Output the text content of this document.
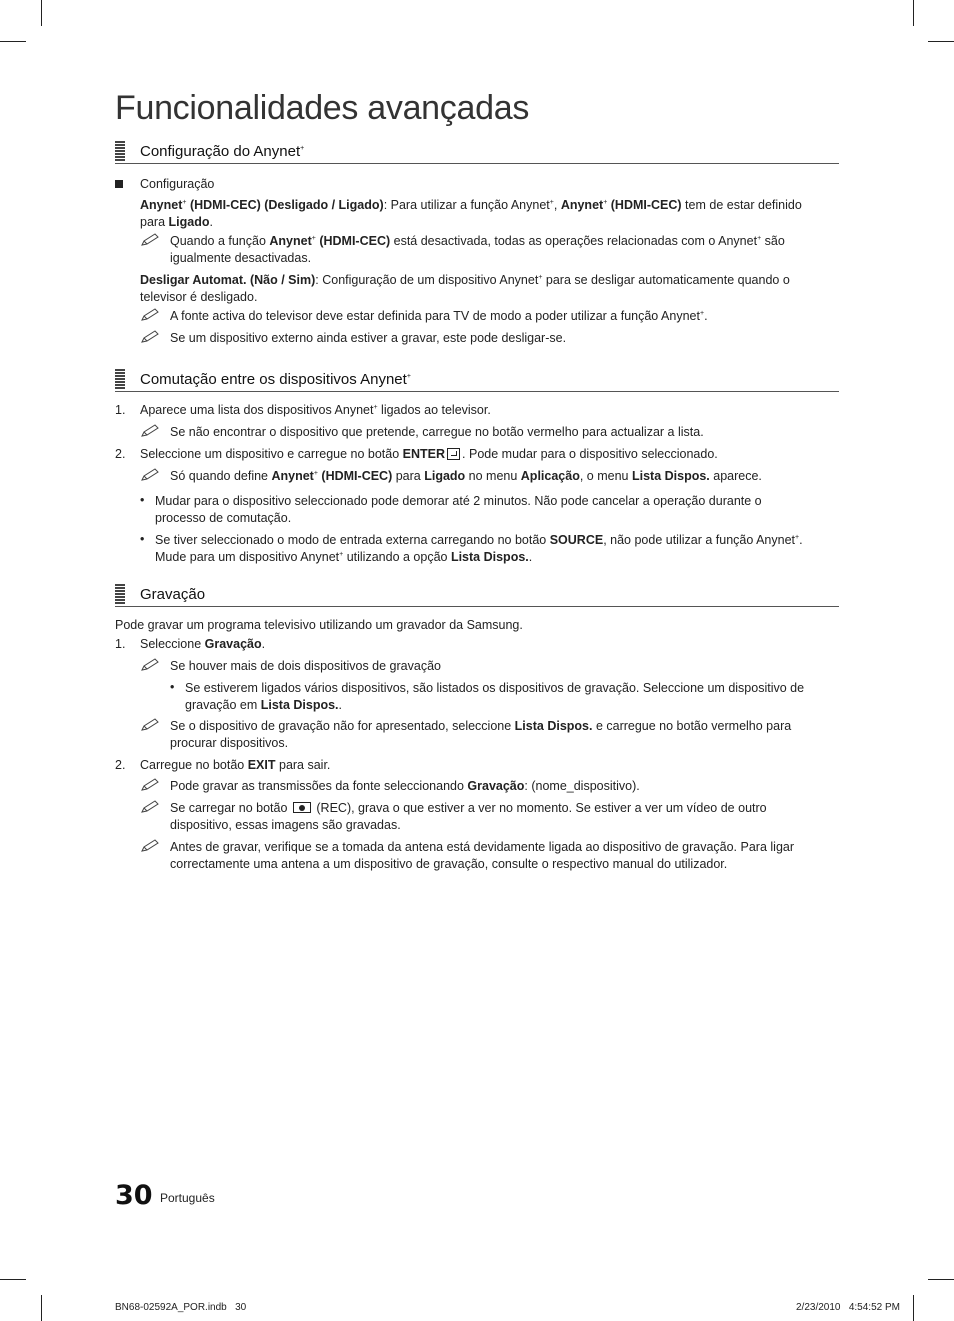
Funcionalidades avançadas
Configuração do Anynet+
Configuração
Anynet+ (HDMI-CEC) (Desligado / Ligado): Para utilizar a função Anynet+, Anynet+ (HDMI-CEC) tem de estar definido
para Ligado.
Quando a função Anynet+ (HDMI-CEC) está desactivada, todas as operações relacionadas com o Anynet+ são
igualmente desactivadas.
Desligar Automat. (Não / Sim): Configuração de um dispositivo Anynet+ para se desligar automaticamente quando o
televisor é desligado.
A fonte activa do televisor deve estar definida para TV de modo a poder utilizar a função Anynet+.
Se um dispositivo externo ainda estiver a gravar, este pode desligar-se.
Comutação entre os dispositivos Anynet+
1. Aparece uma lista dos dispositivos Anynet+ ligados ao televisor.
Se não encontrar o dispositivo que pretende, carregue no botão vermelho para actualizar a lista.
2. Seleccione um dispositivo e carregue no botão ENTER . Pode mudar para o dispositivo seleccionado.
Só quando define Anynet+ (HDMI-CEC) para Ligado no menu Aplicação, o menu Lista Dispos. aparece.
• Mudar para o dispositivo seleccionado pode demorar até 2 minutos. Não pode cancelar a operação durante o
processo de comutação.
• Se tiver seleccionado o modo de entrada externa carregando no botão SOURCE, não pode utilizar a função Anynet+.
Mude para um dispositivo Anynet+ utilizando a opção Lista Dispos..
Gravação
Pode gravar um programa televisivo utilizando um gravador da Samsung.
1. Seleccione Gravação.
Se houver mais de dois dispositivos de gravação
• Se estiverem ligados vários dispositivos, são listados os dispositivos de gravação. Seleccione um dispositivo de
gravação em Lista Dispos..
Se o dispositivo de gravação não for apresentado, seleccione Lista Dispos. e carregue no botão vermelho para
procurar dispositivos.
2. Carregue no botão EXIT para sair.
Pode gravar as transmissões da fonte seleccionando Gravação: (nome_dispositivo).
Se carregar no botão  (REC), grava o que estiver a ver no momento. Se estiver a ver um vídeo de outro
dispositivo, essas imagens são gravadas.
Antes de gravar, verifique se a tomada da antena está devidamente ligada ao dispositivo de gravação. Para ligar
correctamente uma antena a um dispositivo de gravação, consulte o respectivo manual do utilizador.
30 Português
BN68-02592A_POR.indb   30	2/23/2010   4:54:52 PM
